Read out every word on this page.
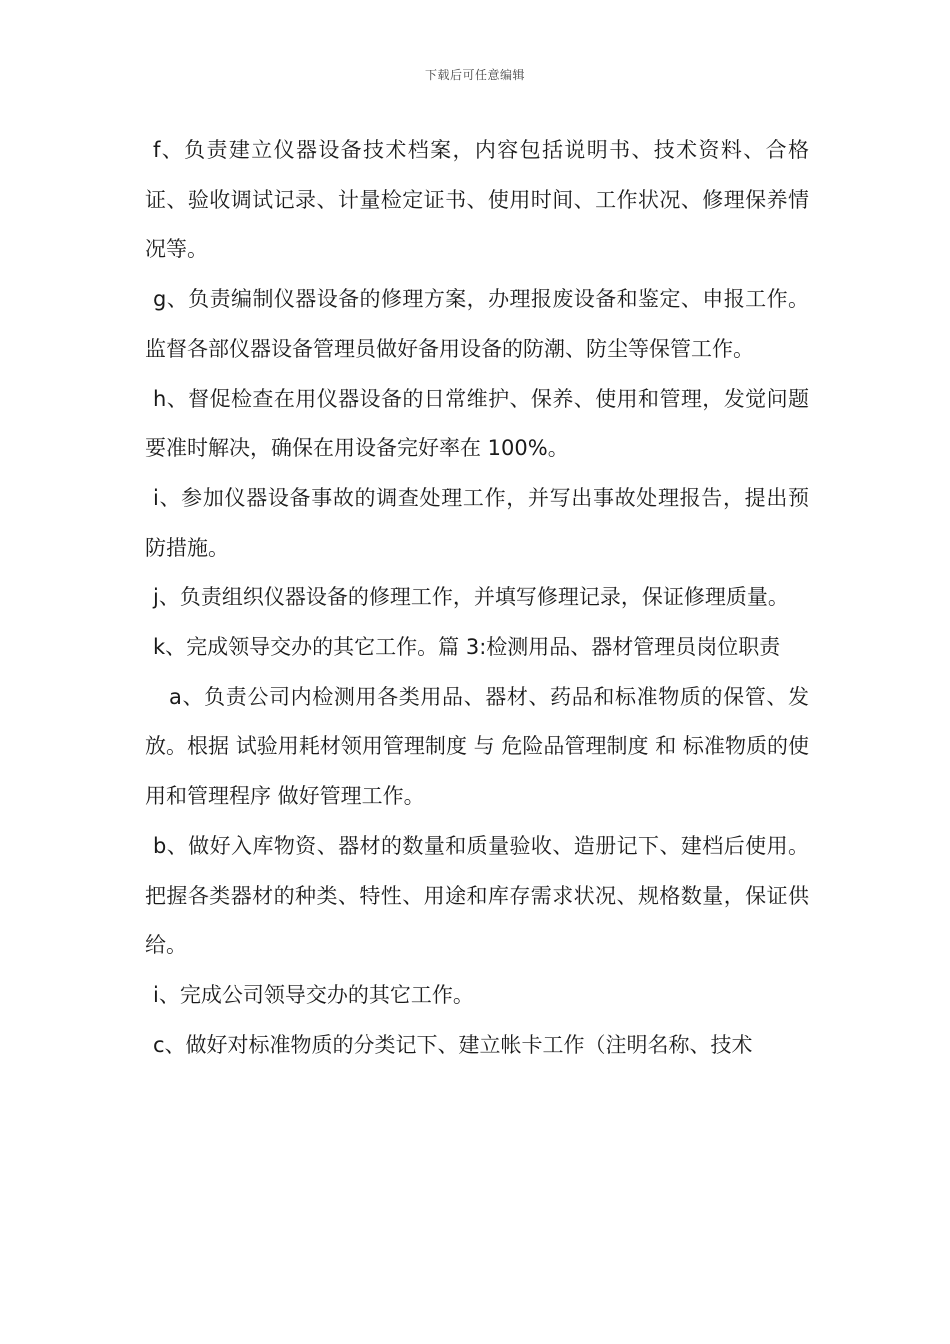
下载后可任意编辑

f、负责建立仪器设备技术档案，内容包括说明书、技术资料、合格证、验收调试记录、计量检定证书、使用时间、工作状况、修理保养情况等。

g、负责编制仪器设备的修理方案，办理报废设备和鉴定、申报工作。监督各部仪器设备管理员做好备用设备的防潮、防尘等保管工作。

h、督促检查在用仪器设备的日常维护、保养、使用和管理，发觉问题要准时解决，确保在用设备完好率在 100%。

i、参加仪器设备事故的调查处理工作，并写出事故处理报告，提出预防措施。

j、负责组织仪器设备的修理工作，并填写修理记录，保证修理质量。

k、完成领导交办的其它工作。篇 3:检测用品、器材管理员岗位职责

a、负责公司内检测用各类用品、器材、药品和标准物质的保管、发放。根据 试验用耗材领用管理制度 与 危险品管理制度 和 标准物质的使用和管理程序 做好管理工作。

b、做好入库物资、器材的数量和质量验收、造册记下、建档后使用。把握各类器材的种类、特性、用途和库存需求状况、规格数量，保证供给。

i、完成公司领导交办的其它工作。

c、做好对标准物质的分类记下、建立帐卡工作（注明名称、技术
